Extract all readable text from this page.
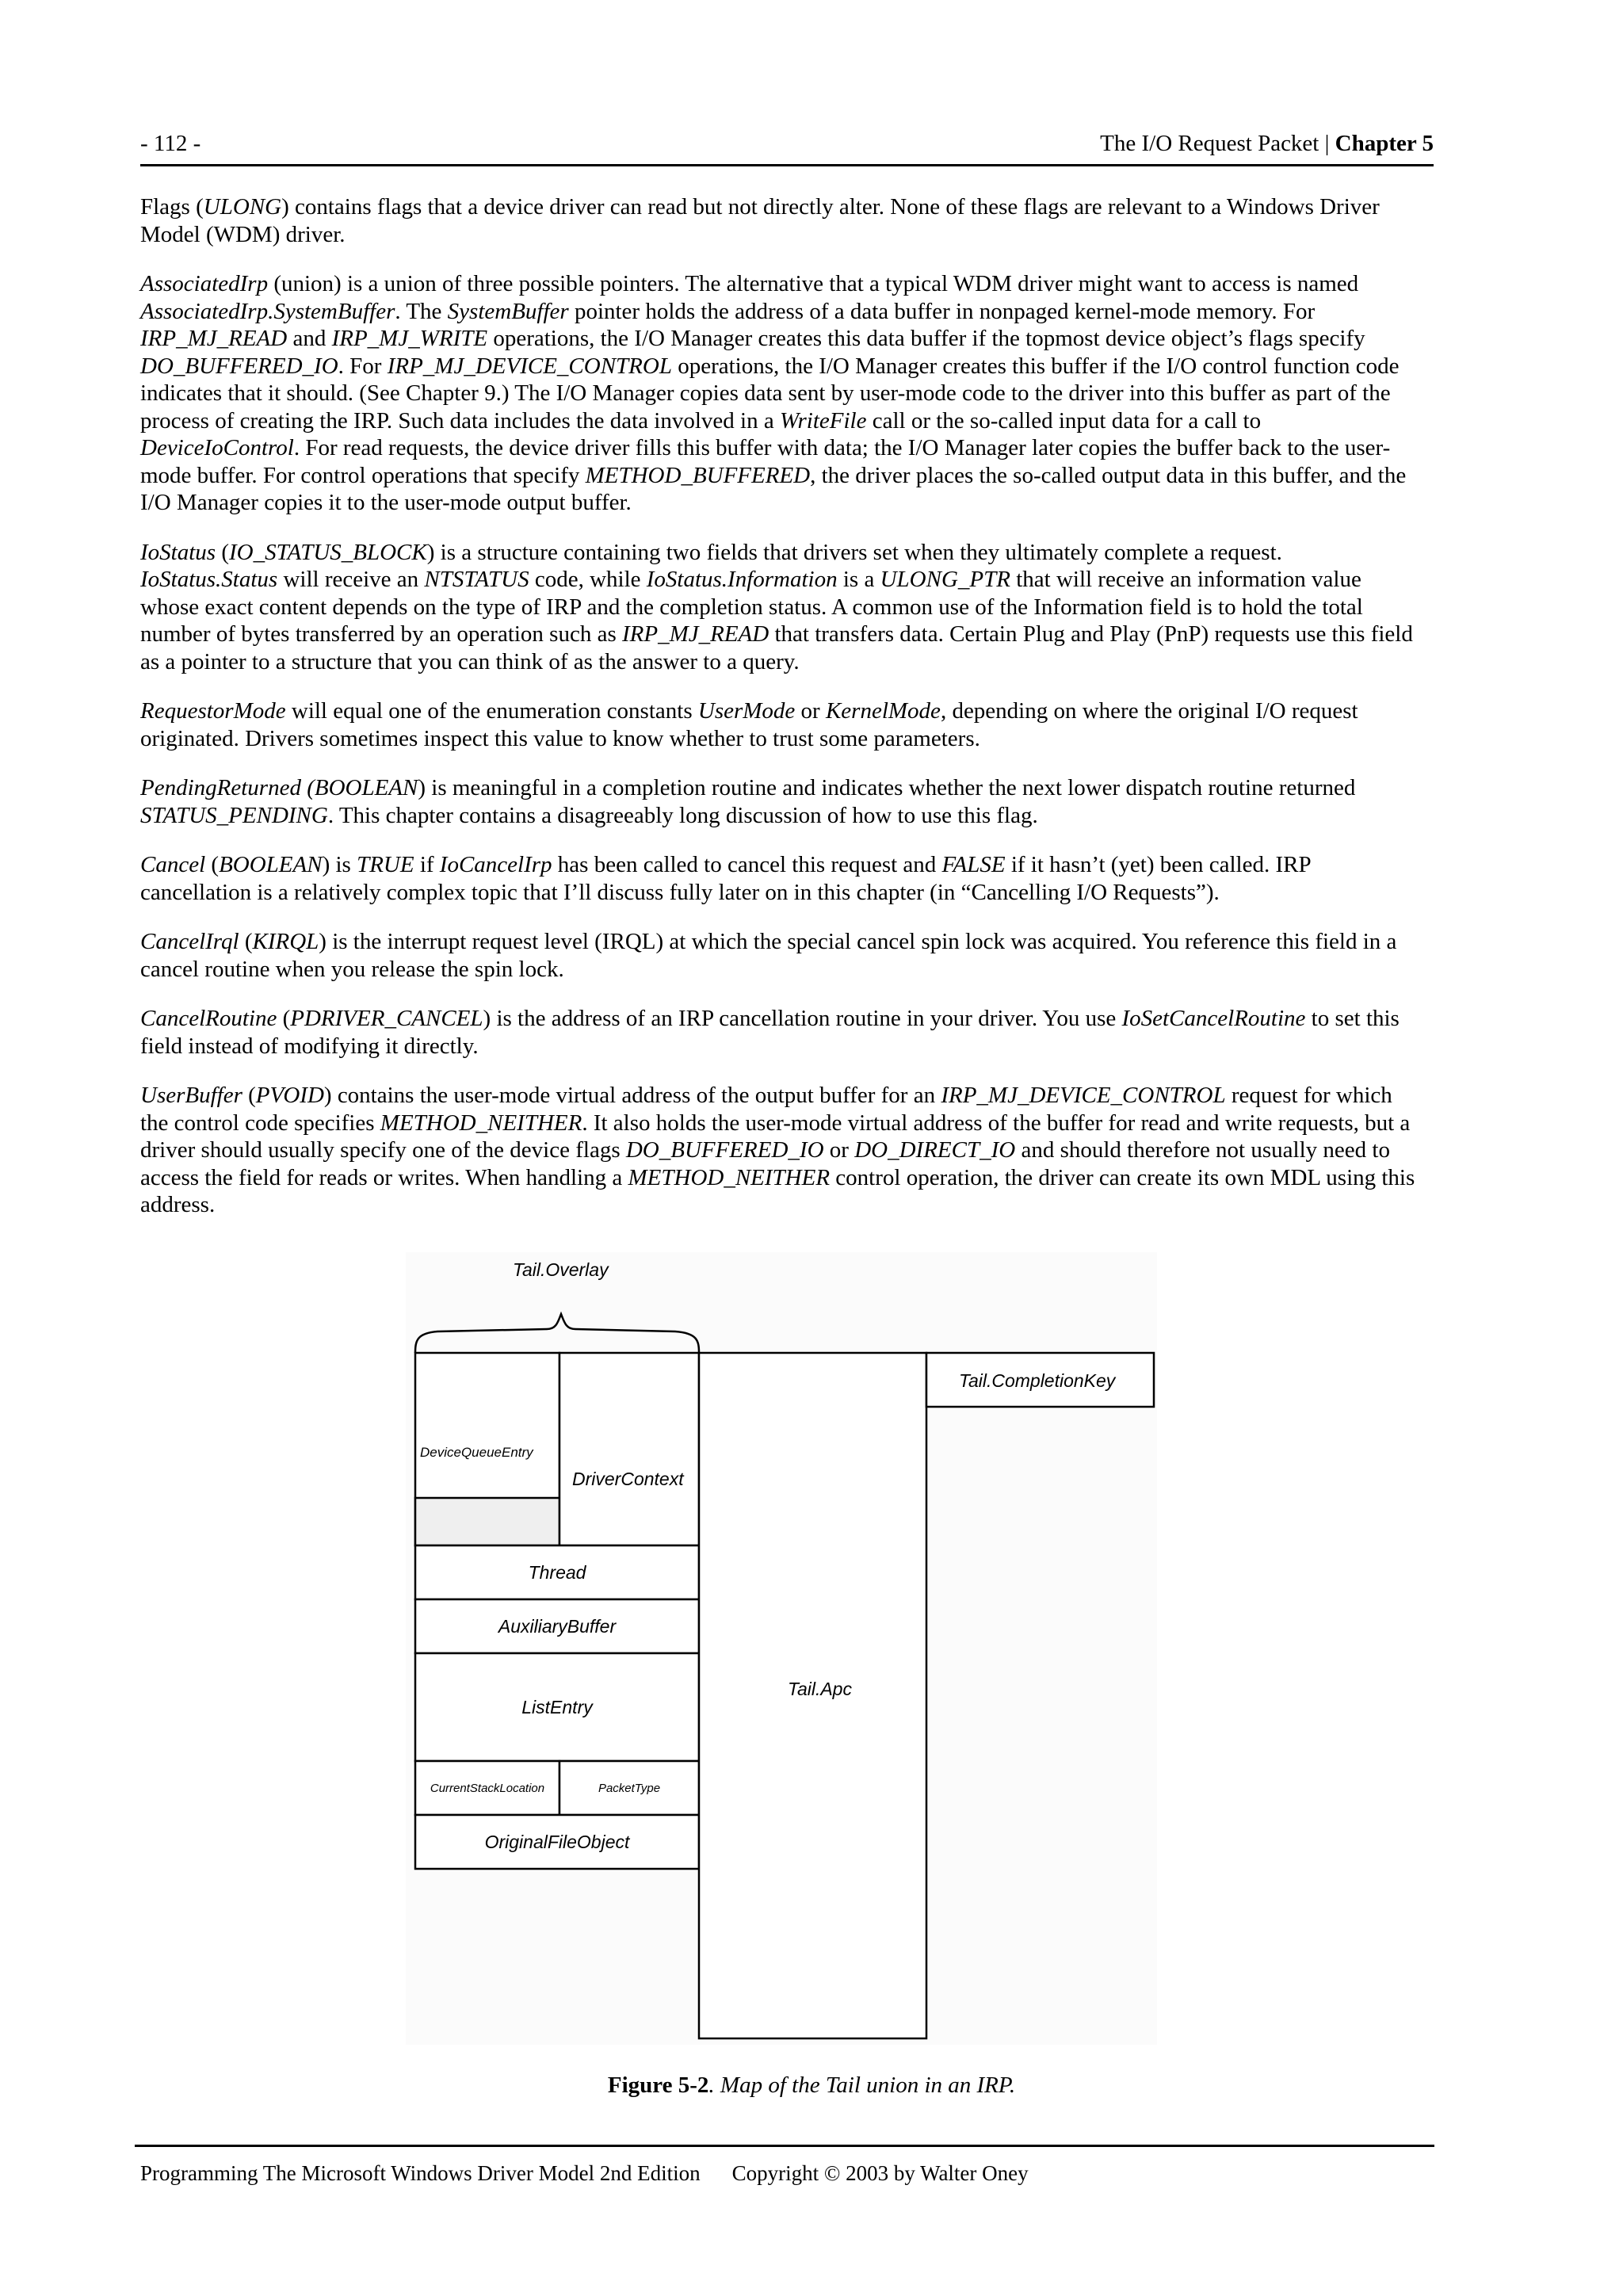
- 112 -	The I/O Request Packet | Chapter 5

Flags (ULONG) contains flags that a device driver can read but not directly alter. None of these flags are relevant to a Windows Driver Model (WDM) driver.

AssociatedIrp (union) is a union of three possible pointers. The alternative that a typical WDM driver might want to access is named AssociatedIrp.SystemBuffer. The SystemBuffer pointer holds the address of a data buffer in nonpaged kernel-mode memory. For IRP_MJ_READ and IRP_MJ_WRITE operations, the I/O Manager creates this data buffer if the topmost device object’s flags specify DO_BUFFERED_IO. For IRP_MJ_DEVICE_CONTROL operations, the I/O Manager creates this buffer if the I/O control function code indicates that it should. (See Chapter 9.) The I/O Manager copies data sent by user-mode code to the driver into this buffer as part of the process of creating the IRP. Such data includes the data involved in a WriteFile call or the so-called input data for a call to DeviceIoControl. For read requests, the device driver fills this buffer with data; the I/O Manager later copies the buffer back to the user-mode buffer. For control operations that specify METHOD_BUFFERED, the driver places the so-called output data in this buffer, and the I/O Manager copies it to the user-mode output buffer.

IoStatus (IO_STATUS_BLOCK) is a structure containing two fields that drivers set when they ultimately complete a request. IoStatus.Status will receive an NTSTATUS code, while IoStatus.Information is a ULONG_PTR that will receive an information value whose exact content depends on the type of IRP and the completion status. A common use of the Information field is to hold the total number of bytes transferred by an operation such as IRP_MJ_READ that transfers data. Certain Plug and Play (PnP) requests use this field as a pointer to a structure that you can think of as the answer to a query.

RequestorMode will equal one of the enumeration constants UserMode or KernelMode, depending on where the original I/O request originated. Drivers sometimes inspect this value to know whether to trust some parameters.

PendingReturned (BOOLEAN) is meaningful in a completion routine and indicates whether the next lower dispatch routine returned STATUS_PENDING. This chapter contains a disagreeably long discussion of how to use this flag.

Cancel (BOOLEAN) is TRUE if IoCancelIrp has been called to cancel this request and FALSE if it hasn’t (yet) been called. IRP cancellation is a relatively complex topic that I’ll discuss fully later on in this chapter (in “Cancelling I/O Requests”).

CancelIrql (KIRQL) is the interrupt request level (IRQL) at which the special cancel spin lock was acquired. You reference this field in a cancel routine when you release the spin lock.

CancelRoutine (PDRIVER_CANCEL) is the address of an IRP cancellation routine in your driver. You use IoSetCancelRoutine to set this field instead of modifying it directly.

UserBuffer (PVOID) contains the user-mode virtual address of the output buffer for an IRP_MJ_DEVICE_CONTROL request for which the control code specifies METHOD_NEITHER. It also holds the user-mode virtual address of the buffer for read and write requests, but a driver should usually specify one of the device flags DO_BUFFERED_IO or DO_DIRECT_IO and should therefore not usually need to access the field for reads or writes. When handling a METHOD_NEITHER control operation, the driver can create its own MDL using this address.

Tail.Overlay
DeviceQueueEntry
DriverContext
Thread
AuxiliaryBuffer
ListEntry
CurrentStackLocation	PacketType
OriginalFileObject
Tail.Apc
Tail.CompletionKey
Figure 5-2. Map of the Tail union in an IRP.
Programming The Microsoft Windows Driver Model 2nd Edition Copyright © 2003 by Walter Oney
